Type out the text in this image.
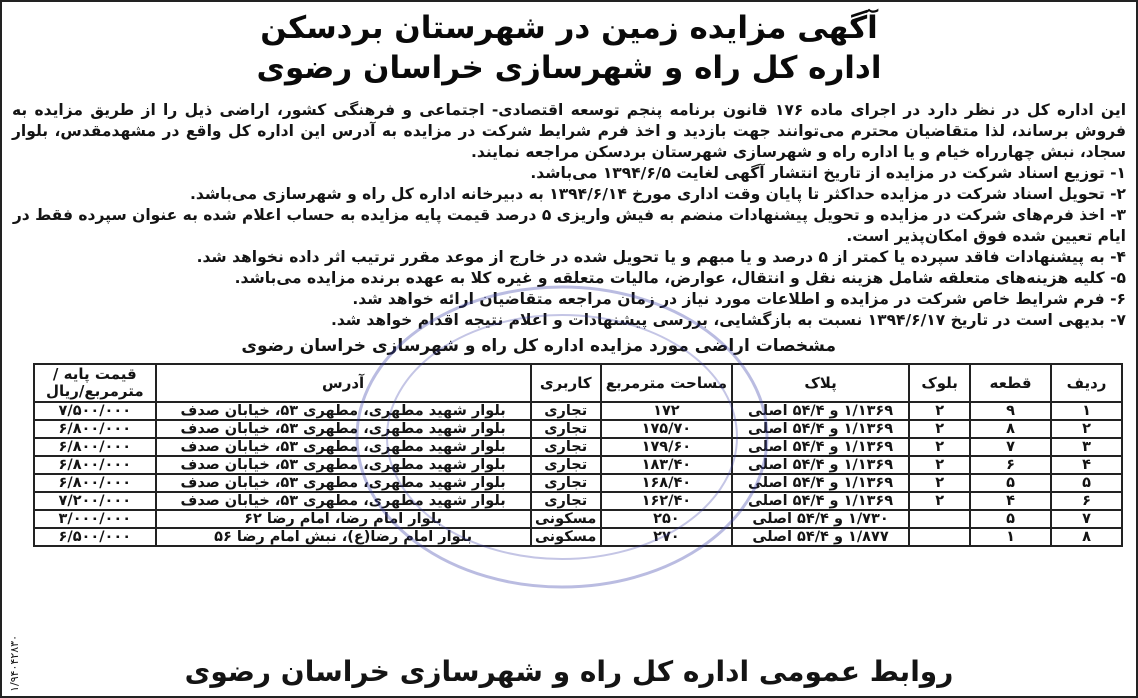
آگهی مزایده زمین در شهرستان بردسکن
اداره کل راه و شهرسازی خراسان رضوی

این اداره کل در نظر دارد در اجرای ماده ۱۷۶ قانون برنامه پنجم توسعه اقتصادی- اجتماعی و فرهنگی کشور، اراضی ذیل را از طریق مزایده به فروش برساند، لذا متقاضیان محترم می‌توانند جهت بازدید و اخذ فرم شرایط شرکت در مزایده به آدرس این اداره کل واقع در مشهدمقدس، بلوار سجاد، نبش چهارراه خیام و یا اداره راه و شهرسازی شهرستان بردسکن مراجعه نمایند.

۱- توزیع اسناد شرکت در مزایده از تاریخ انتشار آگهی لغایت ۱۳۹۴/۶/۵ می‌باشد.
۲- تحویل اسناد شرکت در مزایده حداکثر تا پایان وقت اداری مورخ ۱۳۹۴/۶/۱۴ به دبیرخانه اداره کل راه و شهرسازی می‌باشد.
۳- اخذ فرم‌های شرکت در مزایده و تحویل پیشنهادات منضم به فیش واریزی ۵ درصد قیمت پایه مزایده به حساب اعلام شده به عنوان سپرده فقط در ایام تعیین شده فوق امکان‌پذیر است.
۴- به پیشنهادات فاقد سپرده یا کمتر از ۵ درصد و یا مبهم و یا تحویل شده در خارج از موعد مقرر ترتیب اثر داده نخواهد شد.
۵- کلیه هزینه‌های متعلقه شامل هزینه نقل و انتقال، عوارض، مالیات متعلقه و غیره کلا به عهده برنده مزایده می‌باشد.
۶- فرم شرایط خاص شرکت در مزایده و اطلاعات مورد نیاز در زمان مراجعه متقاضیان ارائه خواهد شد.
۷- بدیهی است در تاریخ ۱۳۹۴/۶/۱۷ نسبت به بازگشایی، بررسی پیشنهادات و اعلام نتیجه اقدام خواهد شد.
مشخصات اراضی مورد مزایده اداره کل راه و شهرسازی خراسان رضوی
ردیف	قطعه	بلوک	پلاک	مساحت مترمربع	کاربری	آدرس	قیمت پایه / مترمربع/ریال
۱	۹	۲	۱/۱۳۶۹ و ۵۴/۴ اصلی	۱۷۲	تجاری	بلوار شهید مطهری، مطهری ۵۳، خیابان صدف	۷/۵۰۰/۰۰۰
۲	۸	۲	۱/۱۳۶۹ و ۵۴/۴ اصلی	۱۷۵/۷۰	تجاری	بلوار شهید مطهری، مطهری ۵۳، خیابان صدف	۶/۸۰۰/۰۰۰
۳	۷	۲	۱/۱۳۶۹ و ۵۴/۴ اصلی	۱۷۹/۶۰	تجاری	بلوار شهید مطهری، مطهری ۵۳، خیابان صدف	۶/۸۰۰/۰۰۰
۴	۶	۲	۱/۱۳۶۹ و ۵۴/۴ اصلی	۱۸۳/۴۰	تجاری	بلوار شهید مطهری، مطهری ۵۳، خیابان صدف	۶/۸۰۰/۰۰۰
۵	۵	۲	۱/۱۳۶۹ و ۵۴/۴ اصلی	۱۶۸/۴۰	تجاری	بلوار شهید مطهری، مطهری ۵۳، خیابان صدف	۶/۸۰۰/۰۰۰
۶	۴	۲	۱/۱۳۶۹ و ۵۴/۴ اصلی	۱۶۲/۴۰	تجاری	بلوار شهید مطهری، مطهری ۵۳، خیابان صدف	۷/۲۰۰/۰۰۰
۷	۵		۱/۷۳۰ و ۵۴/۴ اصلی	۲۵۰	مسکونی	بلوار امام رضا، امام رضا ۶۲	۳/۰۰۰/۰۰۰
۸	۱		۱/۸۷۷ و ۵۴/۴ اصلی	۲۷۰	مسکونی	بلوار امام رضا(ع)، نبش امام رضا ۵۶	۶/۵۰۰/۰۰۰
روابط عمومی اداره کل راه و شهرسازی خراسان رضوی
۱/۹۴۰۴۲۸۳۰
